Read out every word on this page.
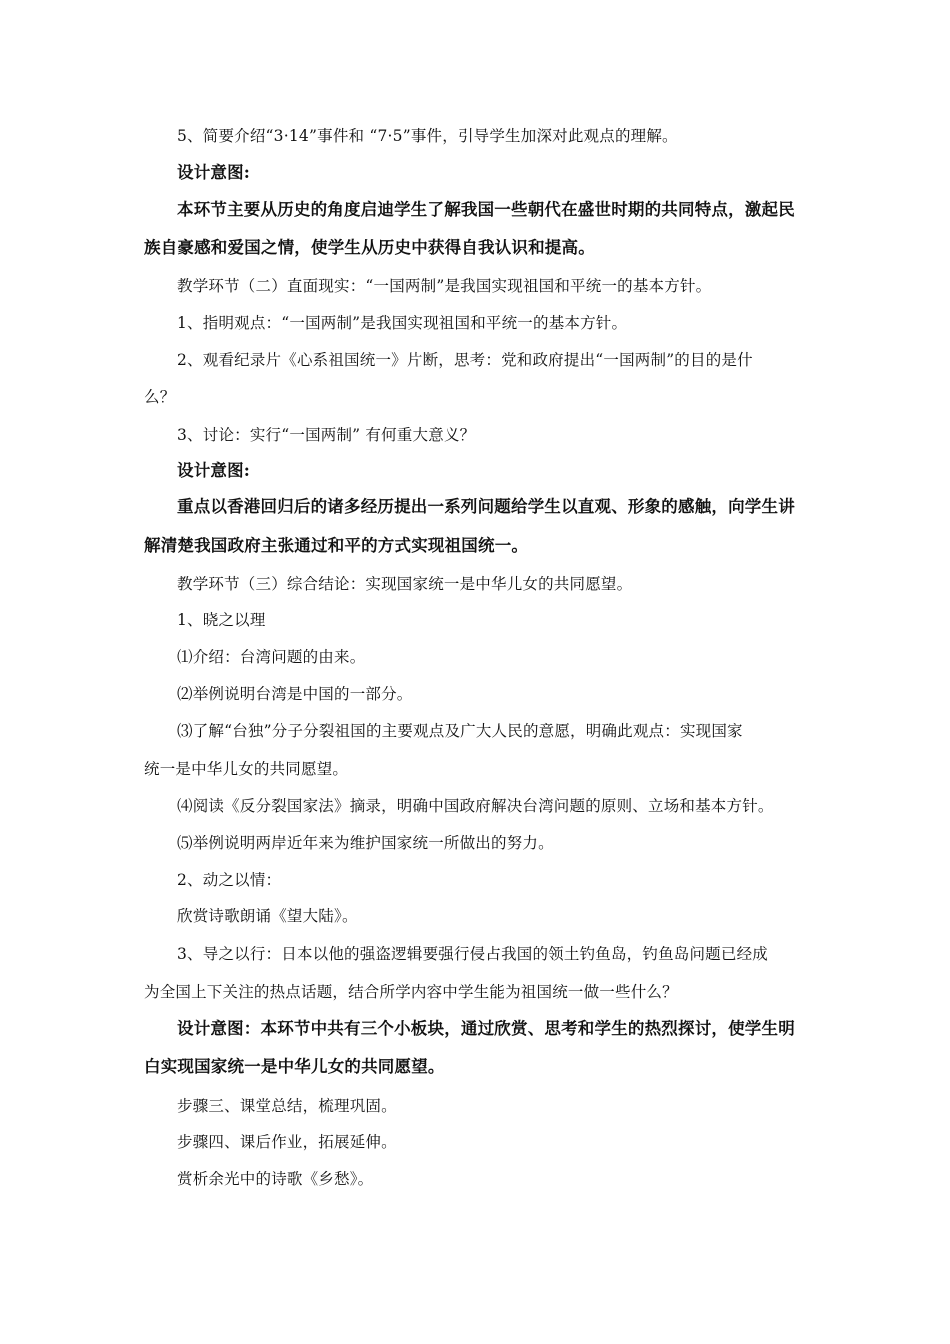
5、简要介绍“3·14”事件和 “7·5”事件，引导学生加深对此观点的理解。
设计意图:
本环节主要从历史的角度启迪学生了解我国一些朝代在盛世时期的共同特点，激起民
族自豪感和爱国之情，使学生从历史中获得自我认识和提高。
教学环节（二）直面现实：“一国两制”是我国实现祖国和平统一的基本方针。
1、指明观点：“一国两制”是我国实现祖国和平统一的基本方针。
2、观看纪录片《心系祖国统一》片断，思考：党和政府提出“一国两制”的目的是什
么？
3、讨论：实行“一国两制” 有何重大意义？
设计意图:
重点以香港回归后的诸多经历提出一系列问题给学生以直观、形象的感触，向学生讲
解清楚我国政府主张通过和平的方式实现祖国统一。
教学环节（三）综合结论：实现国家统一是中华儿女的共同愿望。
1、晓之以理
⑴介绍：台湾问题的由来。
⑵举例说明台湾是中国的一部分。
⑶了解“台独”分子分裂祖国的主要观点及广大人民的意愿，明确此观点：实现国家
统一是中华儿女的共同愿望。
⑷阅读《反分裂国家法》摘录，明确中国政府解决台湾问题的原则、立场和基本方针。
⑸举例说明两岸近年来为维护国家统一所做出的努力。
2、动之以情：
欣赏诗歌朗诵《望大陆》。
3、导之以行：日本以他的强盗逻辑要强行侵占我国的领土钓鱼岛，钓鱼岛问题已经成
为全国上下关注的热点话题，结合所学内容中学生能为祖国统一做一些什么？
设计意图：本环节中共有三个小板块，通过欣赏、思考和学生的热烈探讨，使学生明
白实现国家统一是中华儿女的共同愿望。
步骤三、课堂总结，梳理巩固。
步骤四、课后作业，拓展延伸。
赏析余光中的诗歌《乡愁》。
